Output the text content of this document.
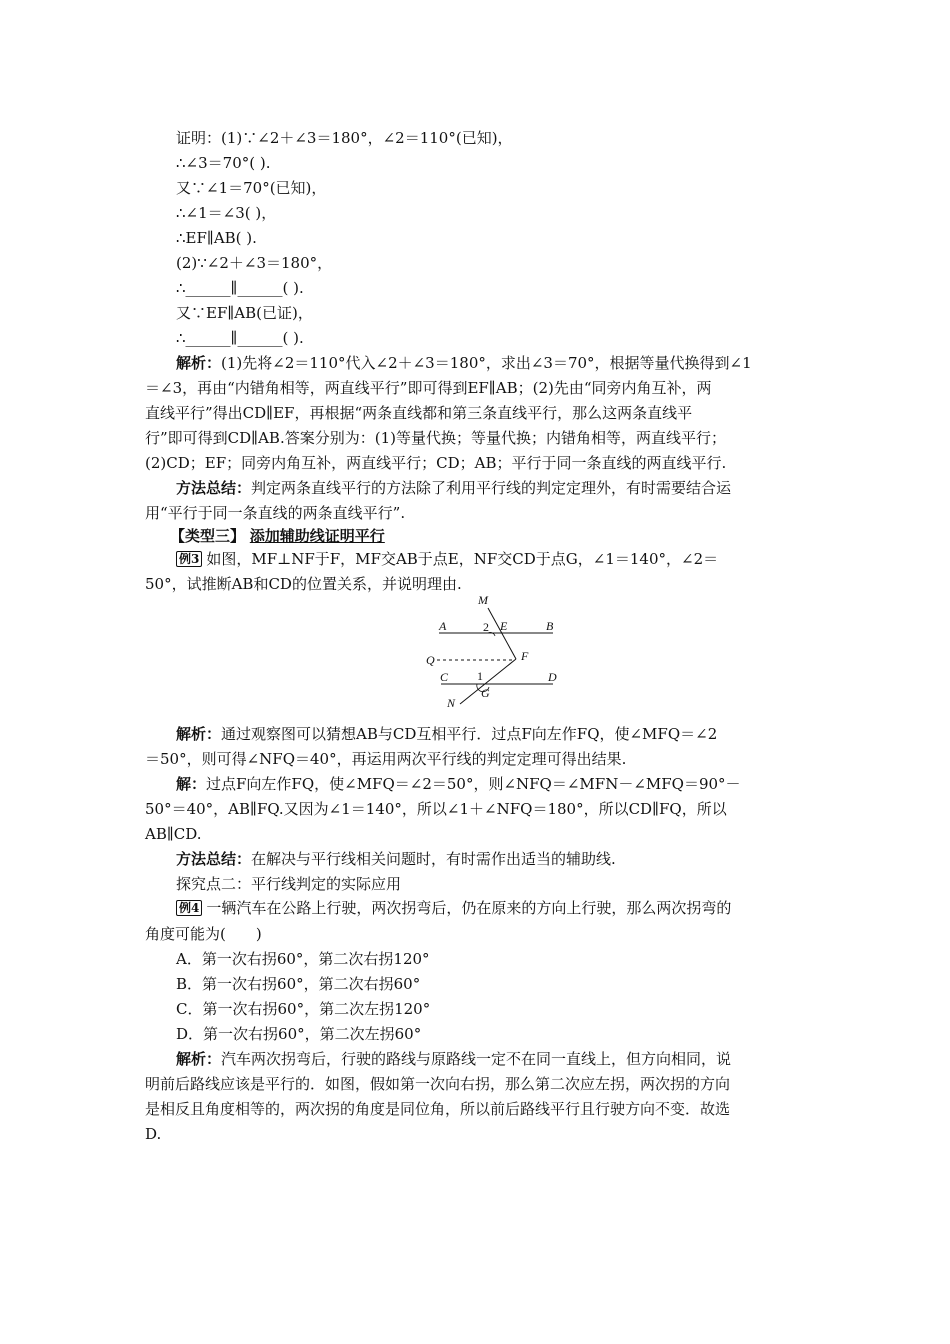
证明：(1)∵∠2＋∠3＝180°，∠2＝110°(已知)，
∴∠3＝70°( ).
又∵∠1＝70°(已知)，
∴∠1＝∠3( )，
∴EF∥AB( ).
(2)∵∠2＋∠3＝180°，
∴______∥______( ).
又∵EF∥AB(已证)，
∴______∥______( ).
解析：(1)先将∠2＝110°代入∠2＋∠3＝180°，求出∠3＝70°，根据等量代换得到∠1
＝∠3，再由“内错角相等，两直线平行”即可得到EF∥AB；(2)先由“同旁内角互补，两
直线平行”得出CD∥EF，再根据“两条直线都和第三条直线平行，那么这两条直线平
行”即可得到CD∥AB.答案分别为：(1)等量代换；等量代换；内错角相等，两直线平行；
(2)CD；EF；同旁内角互补，两直线平行；CD；AB；平行于同一条直线的两直线平行.
方法总结：判定两条直线平行的方法除了利用平行线的判定定理外，有时需要结合运
用“平行于同一条直线的两条直线平行”.
【类型三】 添加辅助线证明平行
例3 如图，MF⊥NF于F，MF交AB于点E，NF交CD于点G，∠1＝140°，∠2＝
50°，试推断AB和CD的位置关系，并说明理由.
M
A	2 E	B
Q	F
C 1	D
G
N
解析：通过观察图可以猜想AB与CD互相平行．过点F向左作FQ，使∠MFQ＝∠2
＝50°，则可得∠NFQ＝40°，再运用两次平行线的判定定理可得出结果.
解：过点F向左作FQ，使∠MFQ＝∠2＝50°，则∠NFQ＝∠MFN－∠MFQ＝90°－
50°＝40°，AB∥FQ.又因为∠1＝140°，所以∠1＋∠NFQ＝180°，所以CD∥FQ，所以
AB∥CD.
方法总结：在解决与平行线相关问题时，有时需作出适当的辅助线.
探究点二：平行线判定的实际应用
例4 一辆汽车在公路上行驶，两次拐弯后，仍在原来的方向上行驶，那么两次拐弯的
角度可能为(　　)
A．第一次右拐60°，第二次右拐120°
B．第一次右拐60°，第二次右拐60°
C．第一次右拐60°，第二次左拐120°
D．第一次右拐60°，第二次左拐60°
解析：汽车两次拐弯后，行驶的路线与原路线一定不在同一直线上，但方向相同，说
明前后路线应该是平行的．如图，假如第一次向右拐，那么第二次应左拐，两次拐的方向
是相反且角度相等的，两次拐的角度是同位角，所以前后路线平行且行驶方向不变．故选
D.
